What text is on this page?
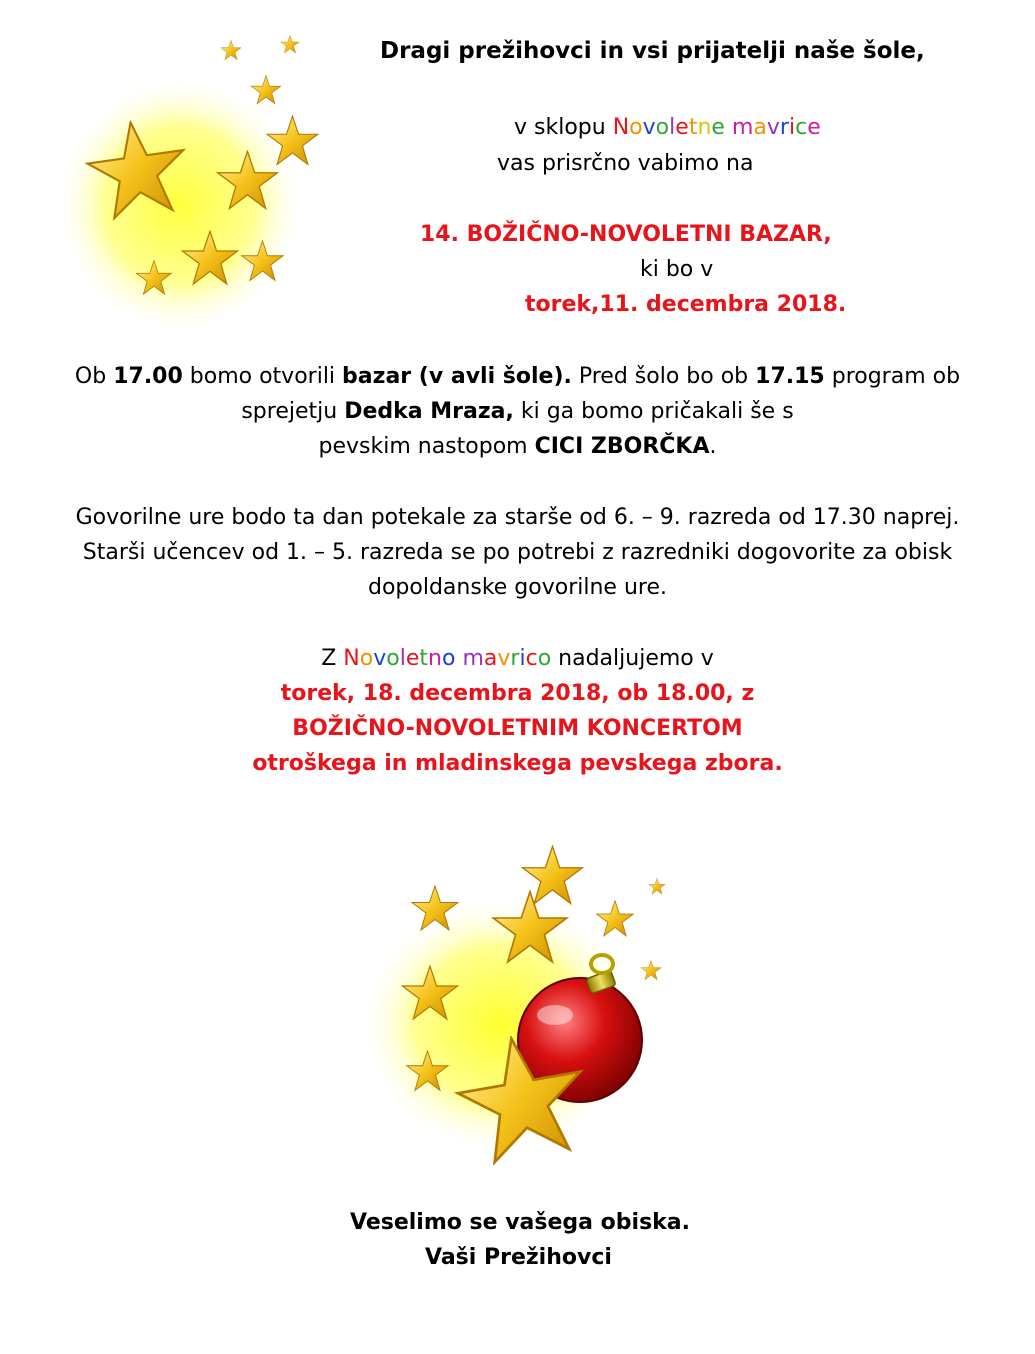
Dragi prežihovci in vsi prijatelji naše šole,
v sklopu Novoletne mavrice
vas prisrčno vabimo na
14. BOŽIČNO-NOVOLETNI BAZAR,
ki bo v
torek,11. decembra 2018.
Ob 17.00 bomo otvorili bazar (v avli šole). Pred šolo bo ob 17.15 program ob
sprejetju Dedka Mraza, ki ga bomo pričakali še s
pevskim nastopom CICI ZBORČKA.
Govorilne ure bodo ta dan potekale za starše od 6. – 9. razreda od 17.30 naprej.
Starši učencev od 1. – 5. razreda se po potrebi z razredniki dogovorite za obisk
dopoldanske govorilne ure.
Z Novoletno mavrico nadaljujemo v
torek, 18. decembra 2018, ob 18.00, z
BOŽIČNO-NOVOLETNIM KONCERTOM
otroškega in mladinskega pevskega zbora.
Veselimo se vašega obiska.
Vaši Prežihovci
